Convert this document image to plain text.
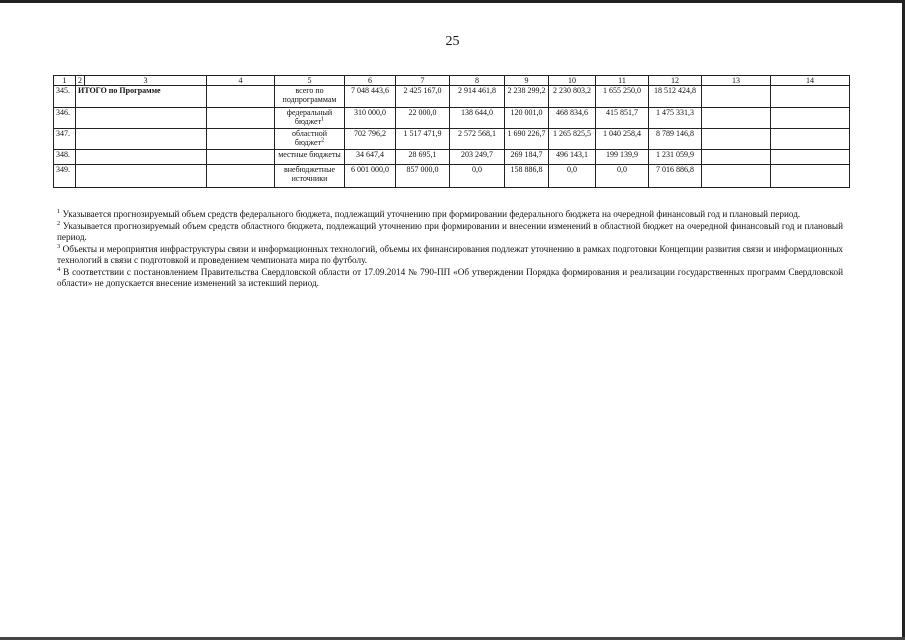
25
1	2	3	4	5	6	7	8	9	10	11	12	13	14
345.	ИТОГО по Программе			всего по подпрограммам	7 048 443,6	2 425 167,0	2 914 461,8	2 238 299,2	2 230 803,2	1 655 250,0	18 512 424,8		
346.				федеральный бюджет$^1$	310 000,0	22 000,0	138 644,0	120 001,0	468 834,6	415 851,7	1 475 331,3		
347.				областной бюджет$^2$	702 796,2	1 517 471,9	2 572 568,1	1 690 226,7	1 265 825,5	1 040 258,4	8 789 146,8		
348.				местные бюджеты	34 647,4	28 695,1	203 249,7	269 184,7	496 143,1	199 139,9	1 231 059,9		
349.				внебюджетные источники	6 001 000,0	857 000,0	0,0	158 886,8	0,0	0,0	7 016 886,8		

$^1$ Указывается прогнозируемый объем средств федерального бюджета, подлежащий уточнению при формировании федерального бюджета на очередной финансовый год и плановый период.

$^2$ Указывается прогнозируемый объем средств областного бюджета, подлежащий уточнению при формировании и внесении изменений в областной бюджет на очередной финансовый год и плановый период.

$^3$ Объекты и мероприятия инфраструктуры связи и информационных технологий, объемы их финансирования подлежат уточнению в рамках подготовки Концепции развития связи и информационных технологий в связи с подготовкой и проведением чемпионата мира по футболу.

$^4$ В соответствии с постановлением Правительства Свердловской области от 17.09.2014 № 790-ПП «Об утверждении Порядка формирования и реализации государственных программ Свердловской области» не допускается внесение изменений за истекший период.
